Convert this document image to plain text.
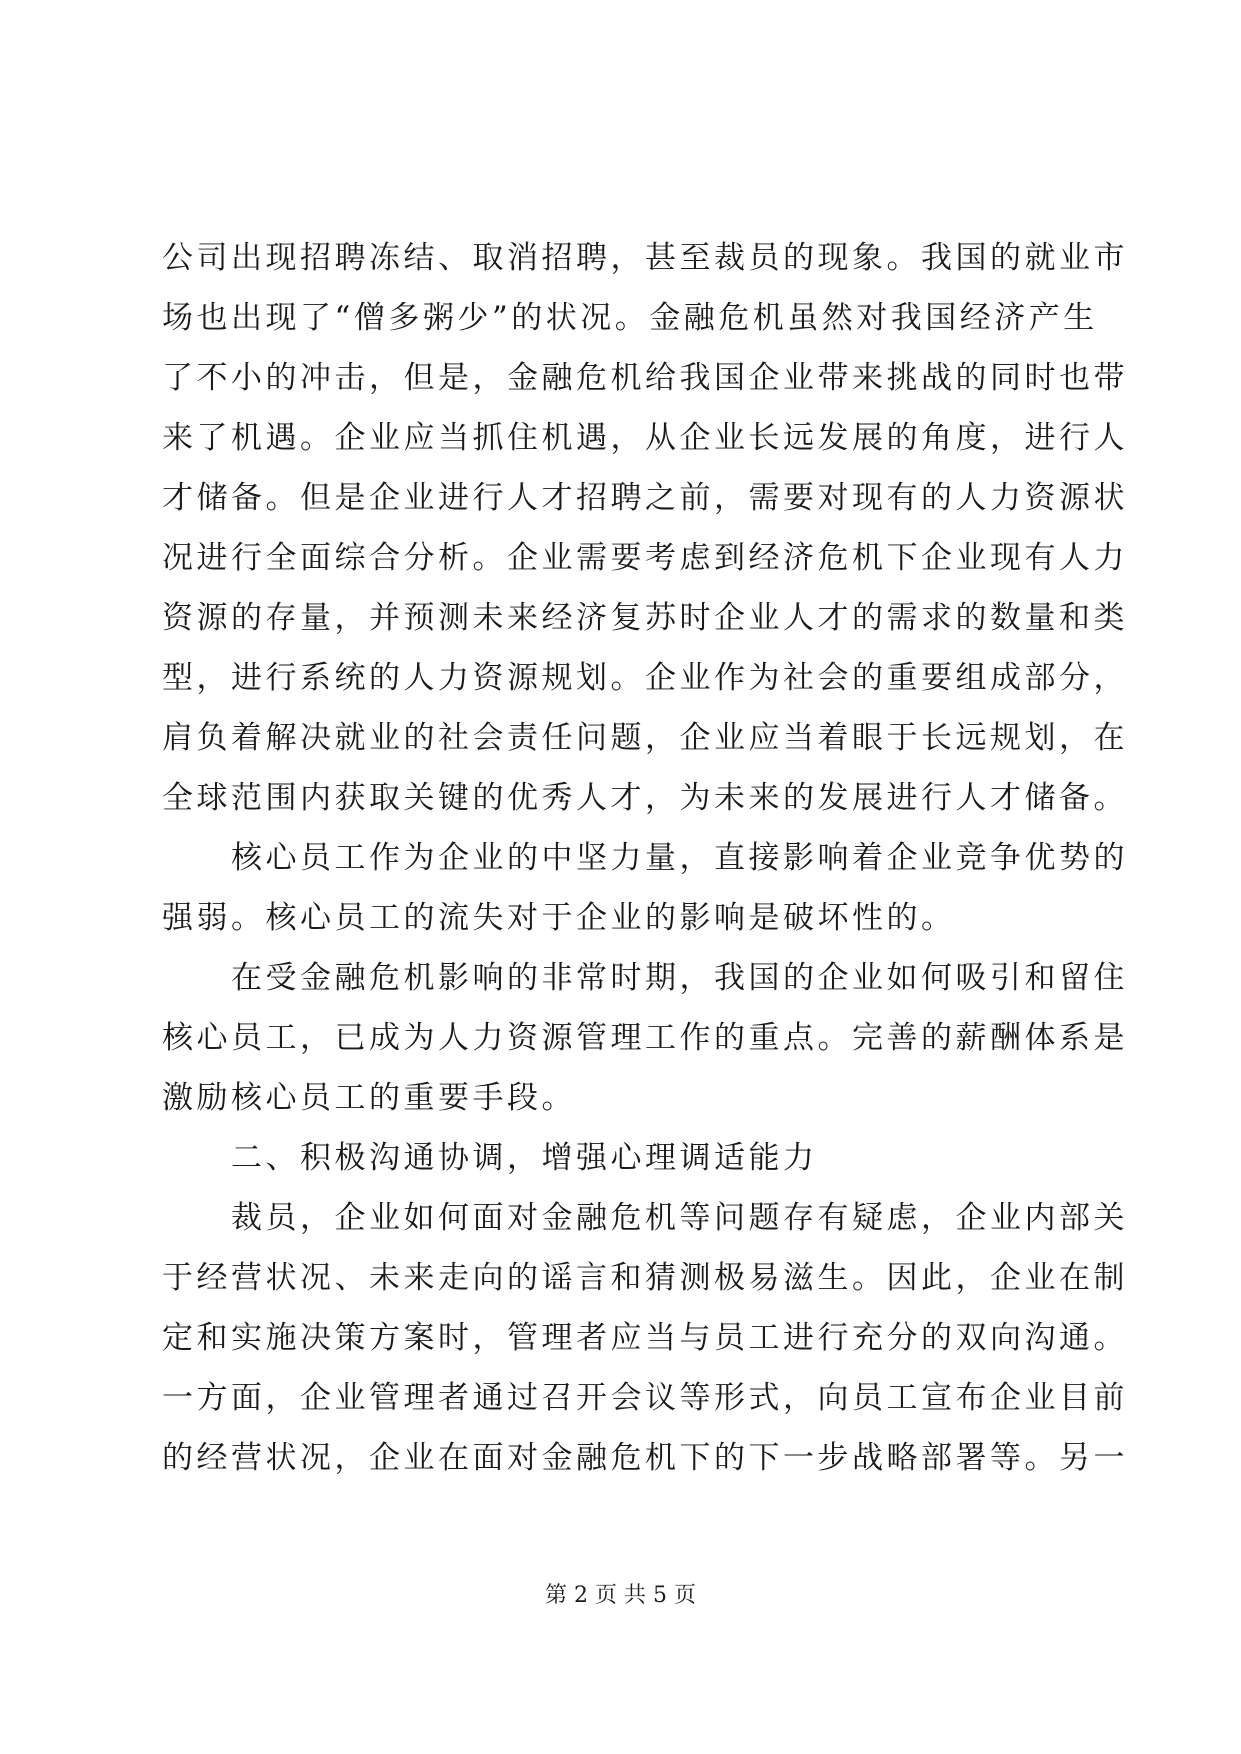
公司出现招聘冻结、取消招聘，甚至裁员的现象。我国的就业市

场也出现了“僧多粥少”的状况。金融危机虽然对我国经济产生

了不小的冲击，但是，金融危机给我国企业带来挑战的同时也带

来了机遇。企业应当抓住机遇，从企业长远发展的角度，进行人

才储备。但是企业进行人才招聘之前，需要对现有的人力资源状

况进行全面综合分析。企业需要考虑到经济危机下企业现有人力

资源的存量，并预测未来经济复苏时企业人才的需求的数量和类

型，进行系统的人力资源规划。企业作为社会的重要组成部分，

肩负着解决就业的社会责任问题，企业应当着眼于长远规划，在

全球范围内获取关键的优秀人才，为未来的发展进行人才储备。

　　核心员工作为企业的中坚力量，直接影响着企业竞争优势的

强弱。核心员工的流失对于企业的影响是破坏性的。

　　在受金融危机影响的非常时期，我国的企业如何吸引和留住

核心员工，已成为人力资源管理工作的重点。完善的薪酬体系是

激励核心员工的重要手段。

　　二、积极沟通协调，增强心理调适能力

　　裁员，企业如何面对金融危机等问题存有疑虑，企业内部关

于经营状况、未来走向的谣言和猜测极易滋生。因此，企业在制

定和实施决策方案时，管理者应当与员工进行充分的双向沟通。

一方面，企业管理者通过召开会议等形式，向员工宣布企业目前

的经营状况，企业在面对金融危机下的下一步战略部署等。另一

第 2 页 共 5 页
